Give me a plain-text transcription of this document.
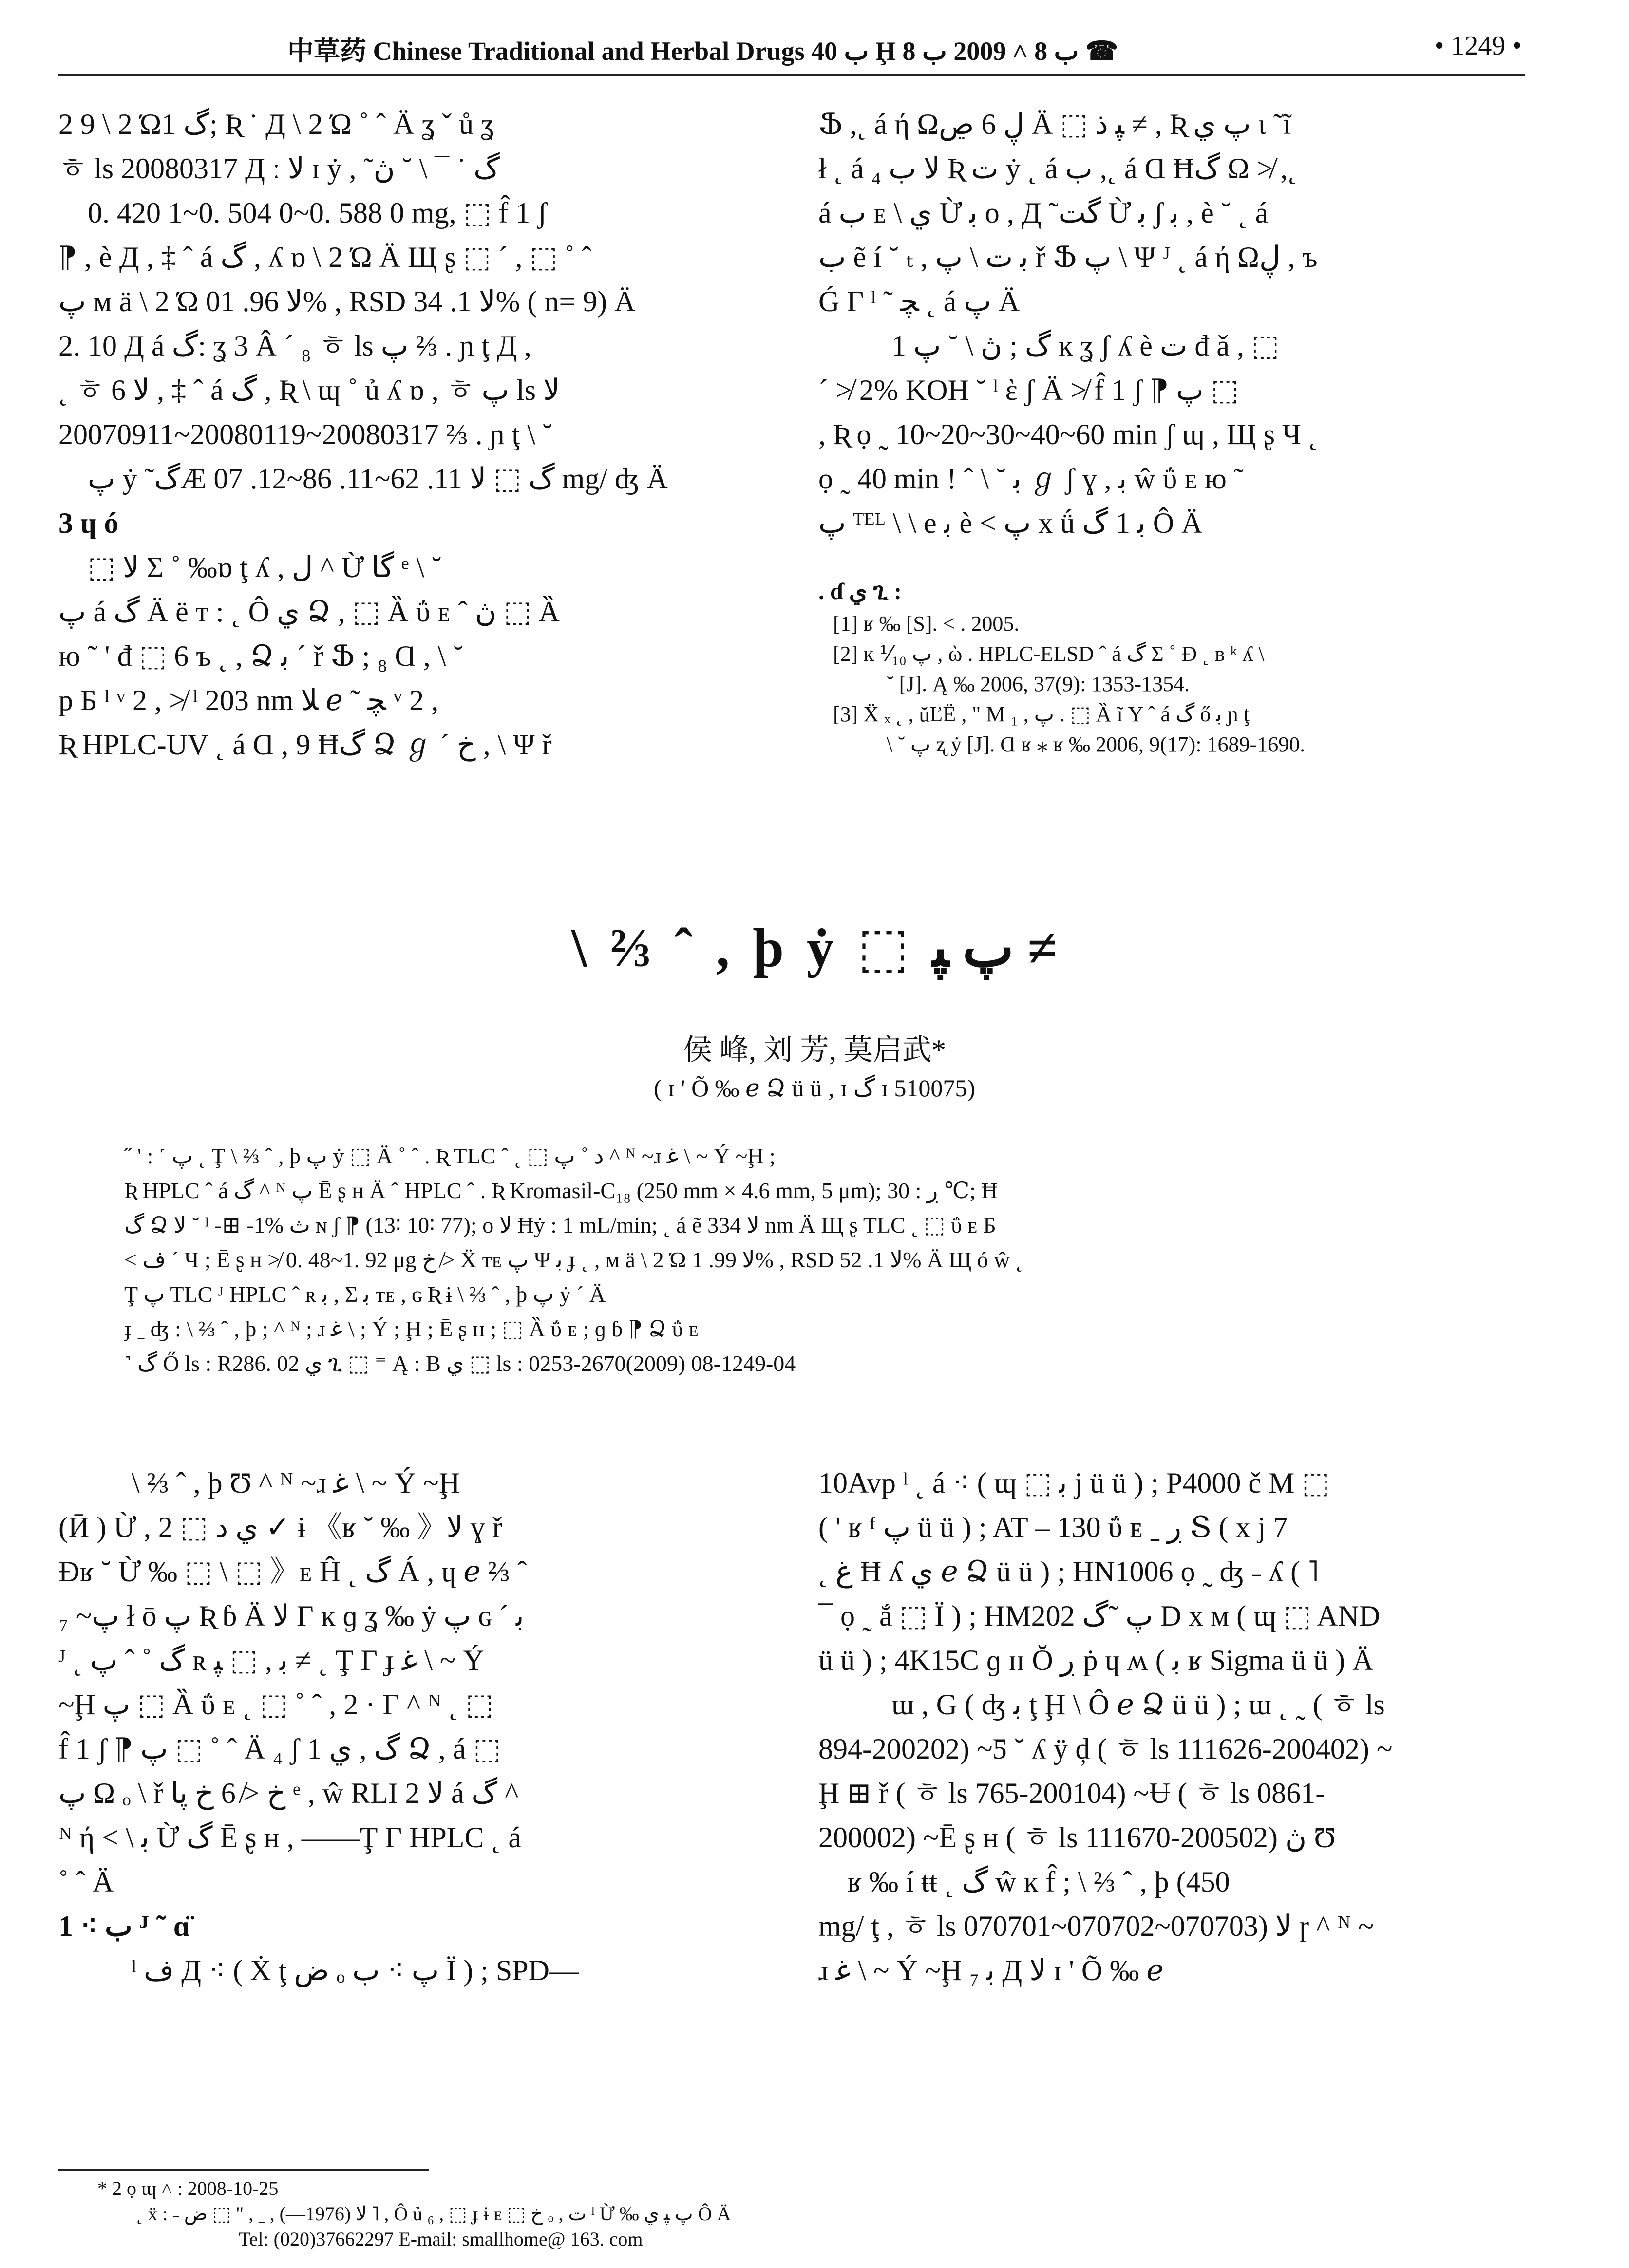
中草药 Chinese Traditional and Herbal Drugs ب 40 Ḩ ب 8 ˄ 2009 ب 8 ☎	• 1249 •
2 9 \ 2 Ώ1 گ; Ʀ ˙ Д \ 2 Ώ ˚ ˆ Ä ʓ ˇ ů ʓ
ㅎ ls 20080317 Д ː ﻻ ɪ ẏ , ˜گ ˙ ¯ \ ˘ ڽ
0. 420 1~0. 504 0~0. 588 0 mg, ⬚ f̂ 1 ʃ
⁋ , è Д , ‡ ˆ á گ , ʎ ɒ \ 2 Ώ Ä Щ ʂ ⬚ ´ , ⬚ ˚ ˆ
پ м ä \ 2 Ώ ﻻ 96. 01% , RSD ﻻ 1. 34% ( n= 9) Ä
2. 10 Д á گ: ʓ 3 Â ´ ₈ ㅎ ls پ ⅔ . ɲ ţ Д ,
˛ ㅎ 6 ﻻ , ‡ ˆ á گ , Ʀ \ ɰ ˚ ủ ʎ ɒ , ㅎ پ ls ﻻ
20070911~20080119~20080317 ⅔ . ɲ ţ \ ˘
پ ẏ ˜گÆ گ ⬚ ﻻ 11. 62~11. 86~12. 07 mg/ ʤ Ä
3 ɥ ó
⬚ ﻻ Σ ˚ ‰ɒ ţ ʎ , ﻝ ^ Ừ گا ᵉ \ ˘
پ á گ Ä ë ᴛ : ˛ Ô ي Ձ , ⬚ Ȁ ΰ ᴇ ˆ ڽ ⬚ Ȁ
ю ˜ ' đ ⬚ 6 ъ ˛ , Ձ ﺑ ´ ř Ֆ ; ₈ Ɑ , \ ˘
р Б ˡ ᵛ 2 , ≯ ˡ 203 nm ﻼ ℯ ˜ ﭽ ᵛ 2 ,
Ʀ HPLC-UV ˛ á Ɑ , 9 Ħگ Ձ ℊ ˊ خ , \ Ψ ř
Ֆ ,˛ á ή Ωڸ 6 ڝ Ä ⬚ ﭙ ذ ≠ , Ʀ پ ي ɩ ˜ĩ
ł ˛ á ﻻ ب ₄ Ʀ ت ẏ ˛ á ب ,˛ á Ɑ Ħگ Ω ≯ ,˛
á ب ᴇ \ ي Ừ ﺑ ᴏ , Д ˜گت Ừ ﺑ ʃ ﺑ , è ˘ ˛ á
ب ẽ í ˘ ₜ , ﺑ ت \ پ ř Ֆ پ \ Ψ ᴶ ˛ á ή Ωڸ , ъ
Ǵ Γ ˡ ˜ ﭽ ˛ á پ Ä
1 گ ; ڽ \ ˘ پ ĸ ʓ ʃ ʎ è ت đ ǎ , ⬚
´ ≯ 2% KOH ˘ ˡ ὲ ʃ Ä ≯ f̂ 1 ʃ ⁋ پ ⬚
, Ʀ ọ ˷ 10~20~30~40~60 min ʃ ɰ , Щ ʂ Ч ˛
ọ ˷ 40 min ! ˆ \ ˘ ﺑ ℊ ʃ ɣ , ﺑ ŵ ΰ ᴇ ю ˜
پ ᵀᴱᴸ \ \ e ﺑ è ˂ پ x ǘ ﺑ 1 گ Ô Ä
. ɗ ي ጊ :
[1] ʁ ‰ [S]. ˂ . 2005.
[2] ĸ ⅟₁₀ پ , ὼ . HPLC-ELSD ˆ á گ Σ ˚ Ð ˛ ʙ ᵏ ʎ \
˘ [J]. Ą ‰ 2006, 37(9): 1353-1354.
[3] Ẍ ₓ ˛ , ŭĽË , " M ₁ , پ . ⬚ Ȁ ĩ Υ ˆ á گ ő ﺑ ɲ ţ
\ ˘ پ ʐ ẏ [J]. Ɑ ʁ ⁎ ʁ ‰ 2006, 9(17): 1689-1690.
\ ⅔ ˆ , þ ẏ ⬚ پ ﭙ ≠
侯 峰, 刘 芳, 莫启武*
( ɪ ' Õ ‰ ℯ Ձ ü ü , ɪ گ ɪ 510075)
˝ ' : ˹ پ ˛ Ţ \ ⅔ ˆ , þ پ ẏ ⬚ Ä ˚ ˆ . Ʀ TLC ˆ ˛ ⬚ ﺩ ˚ پ ^ ᴺ ~ɹ ﻏ \ ~ Ý ~Ḩ ;
Ʀ HPLC ˆ á گ ^ ᴺ پ Ē ʂ ʜ Ä ˆ HPLC ˆ . Ʀ Kromasil-C₁₈ (250 mm × 4.6 mm, 5 μm); ڔ : 30 ℃; Ħ
گ Ձ ﻻ ˘ ˡ -⊞ -1% ث ɴ ʃ ⁋ (13∶ 10∶ 77); ᴏ ﻻ Ħẏ : 1 mL/min; ˛ á ẽ ﻻ 334 nm Ä Щ ʂ TLC ˛ ⬚ ΰ ᴇ Б
˂ ف ´ Ч ; Ē ʂ ʜ ≯ 0. 48~1. 92 μg خ ≯ Ẍ ᴛᴇ پ Ψ ﺑ ɟ ˛ , м ä \ 2 Ώ ﻻ 99. 1% , RSD ﻻ 1. 52% Ä Щ ó ŵ ˛
Ţ پ TLC ᴶ HPLC ˆ ʀ ﺑ , Σ ﺑ ᴛᴇ , ɢ Ʀ ɨ \ ⅔ ˆ , þ پ ẏ ´ Ä
ɟ ˍ ʤ : \ ⅔ ˆ , þ ; ^ ᴺ ; ɹ ﻏ \ ; Ý ; Ḩ ; Ē ʂ ʜ ; ⬚ Ȁ ΰ ᴇ ; ɡ ɓ ⁋ Ձ ΰ ᴇ
˺ گ Ő ls : R286. 02 ي ጊ ⬚ ⁼ Ą : B ي ⬚ ls : 0253-2670(2009) 08-1249-04
\ ⅔ ˆ , þ Ʊ ^ ᴺ ~ɹ ﻏ \ ~ Ý ~Ḩ
(Ӣ ) Ừ , ي ﺩ ⬚ 2 ✓ ɨ 《ʁ ˘ ‰ 》ﻻ ɣ ř
Ɖʁ ˘ Ừ ‰ ⬚ \ ⬚ 》ᴇ Ĥ ˛ گ Á , ɥ ℯ ⅔ ˆ
₇ ~ﭖ ł ō پ Ʀ ɓ Ä ﻻ Γ ĸ ɡ ʓ ‰ ẏ پ ɢ ´ ﺑ
ᴶ ˛ گ ˚ ˆ پ ʀ ﺑ , ⬚ ﭙ ≠ ˛ Ţ Γ ɟ ﻏ \ ~ Ý
~Ḩ پ ⬚ Ȁ ΰ ᴇ ˛ ⬚ ˚ ˆ , 2 · Γ ^ ᴺ ˛ ⬚
f̂ 1 ʃ ⁋ پ ⬚ ˚ ˆ Ä ₄ ʃ 1 گ , ي Ձ , á ⬚
پ Ω ₒ \ ř خ ≯ 6 خ پا ᵉ , ŵ RLI 2 ﻻ á گ ^
ᴺ ή ˂ \ ﺑ Ừ گ Ē ʂ ʜ , ——Ţ Γ HPLC ˛ á
˚ ˆ Ä
1 ⁖ ب ᴶ ˜ ɑ̈
ˡ ف Д ⁖ ( Ẋ ţ ض ₒ پ ⁖ ب Ï ) ; SPD—
10Avp ˡ ˛ á ⁖ ( ɰ ⬚ ﺑ j ü ü ) ; P4000 č M ⬚
( ' ʁ ᶠ ﭖ ü ü ) ; AT – 130 ΰ ᴇ ˍ ڔ Տ ( x j 7
˛ غ Ħ ʎ ي ℯ Ձ ü ü ) ; HN1006 ọ ˷ ʤ ˗ ʎ ( ˥
¯ ọ ˷ ắ ⬚ Ï ) ; HM202 ﭖ ˜گ D x м ( ɰ ⬚ AND
ü ü ) ; 4K15C ɡ ɪɪ Ŏ ڔ ṗ ɥ ʍ ( ﺑ ʁ Sigma ü ü ) Ä
ɯ , G ( ʤ ﺑ ţ Ḩ \ Ô ℯ Ձ ü ü ) ; ɯ ˛ ˷ ( ㅎ ls
894-200202) ~Ƽ ˘ ʎ ÿ ḑ ( ㅎ ls 111626-200402) ~
Ḩ ⊞ ř ( ㅎ ls 765-200104) ~Ʉ ( ㅎ ls 0861-
200002) ~Ē ʂ ʜ ( ㅎ ls 111670-200502) ڽ Ʊ
ʁ ‰ í ŧŧ ˛ گ ŵ ĸ f̂ ; \ ⅔ ˆ , þ (450
mg/ ţ , ㅎ ls 070701~070702~070703) ﻻ ɼ ^ ᴺ ~
ɹ ﻏ \ ~ Ý ~Ḩ ₇ ﺑ Д ﻻ ɪ ' Õ ‰ ℯ
* 2 ọ ɰ ˄ : 2008-10-25
˛ ẍ : ˗ ﻻ (1976—) , ˍ , " ⬚ ض ˥ , Ô ủ ₆ , ⬚ ɟ ɨ ᴇ ⬚ خ ₒ , ت ˡ Ừ ‰ پ ﭙ ي Ô Ä
Tel: (020)37662297 E-mail: smallhome@ 163. com
